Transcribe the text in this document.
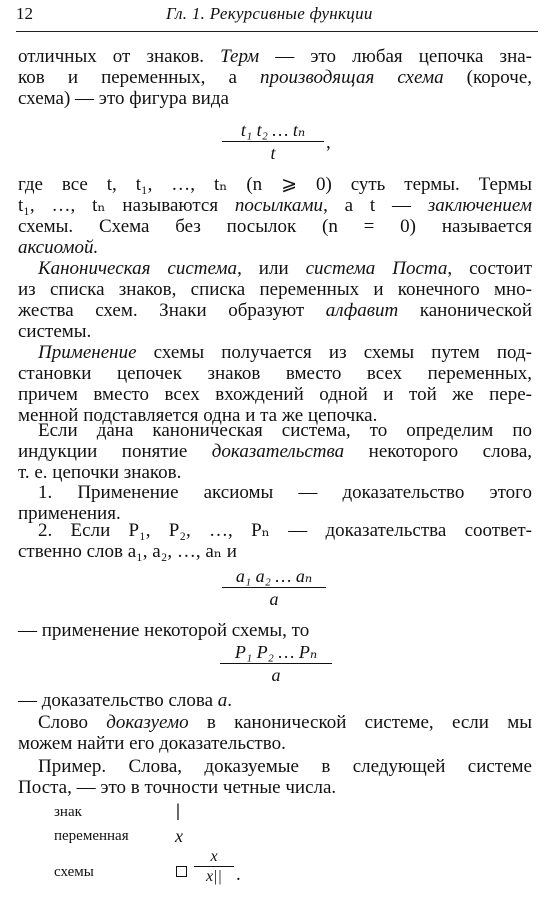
12	Гл. 1. Рекурсивные функции
отличных от знаков. Терм — это любая цепочка зна-
ков и переменных, а производящая схема (короче,
схема) — это фигура вида
t₁ t₂ … tₙ
t	,
где все t, t₁, …, tₙ (n ⩾ 0) суть термы. Термы
t₁, …, tₙ называются посылками, а t — заключением
схемы. Схема без посылок (n = 0) называется
аксиомой.
Каноническая система, или система Поста, состоит
из списка знаков, списка переменных и конечного мно-
жества схем. Знаки образуют алфавит канонической
системы.
Применение схемы получается из схемы путем под-
становки цепочек знаков вместо всех переменных,
причем вместо всех вхождений одной и той же пере-
менной подставляется одна и та же цепочка.
Если дана каноническая система, то определим по
индукции понятие доказательства некоторого слова,
т. е. цепочки знаков.
1. Применение аксиомы — доказательство этого
применения.
2. Если P₁, P₂, …, Pₙ — доказательства соответ-
ственно слов a₁, a₂, …, aₙ и
a₁ a₂ … aₙ
a
— применение некоторой схемы, то
P₁ P₂ … Pₙ
a
— доказательство слова a.
Слово доказуемо в канонической системе, если мы
можем найти его доказательство.
Пример. Слова, доказуемые в следующей системе
Поста, — это в точности четные числа.
знак	|
переменная	x
схемы
x
x|| .
